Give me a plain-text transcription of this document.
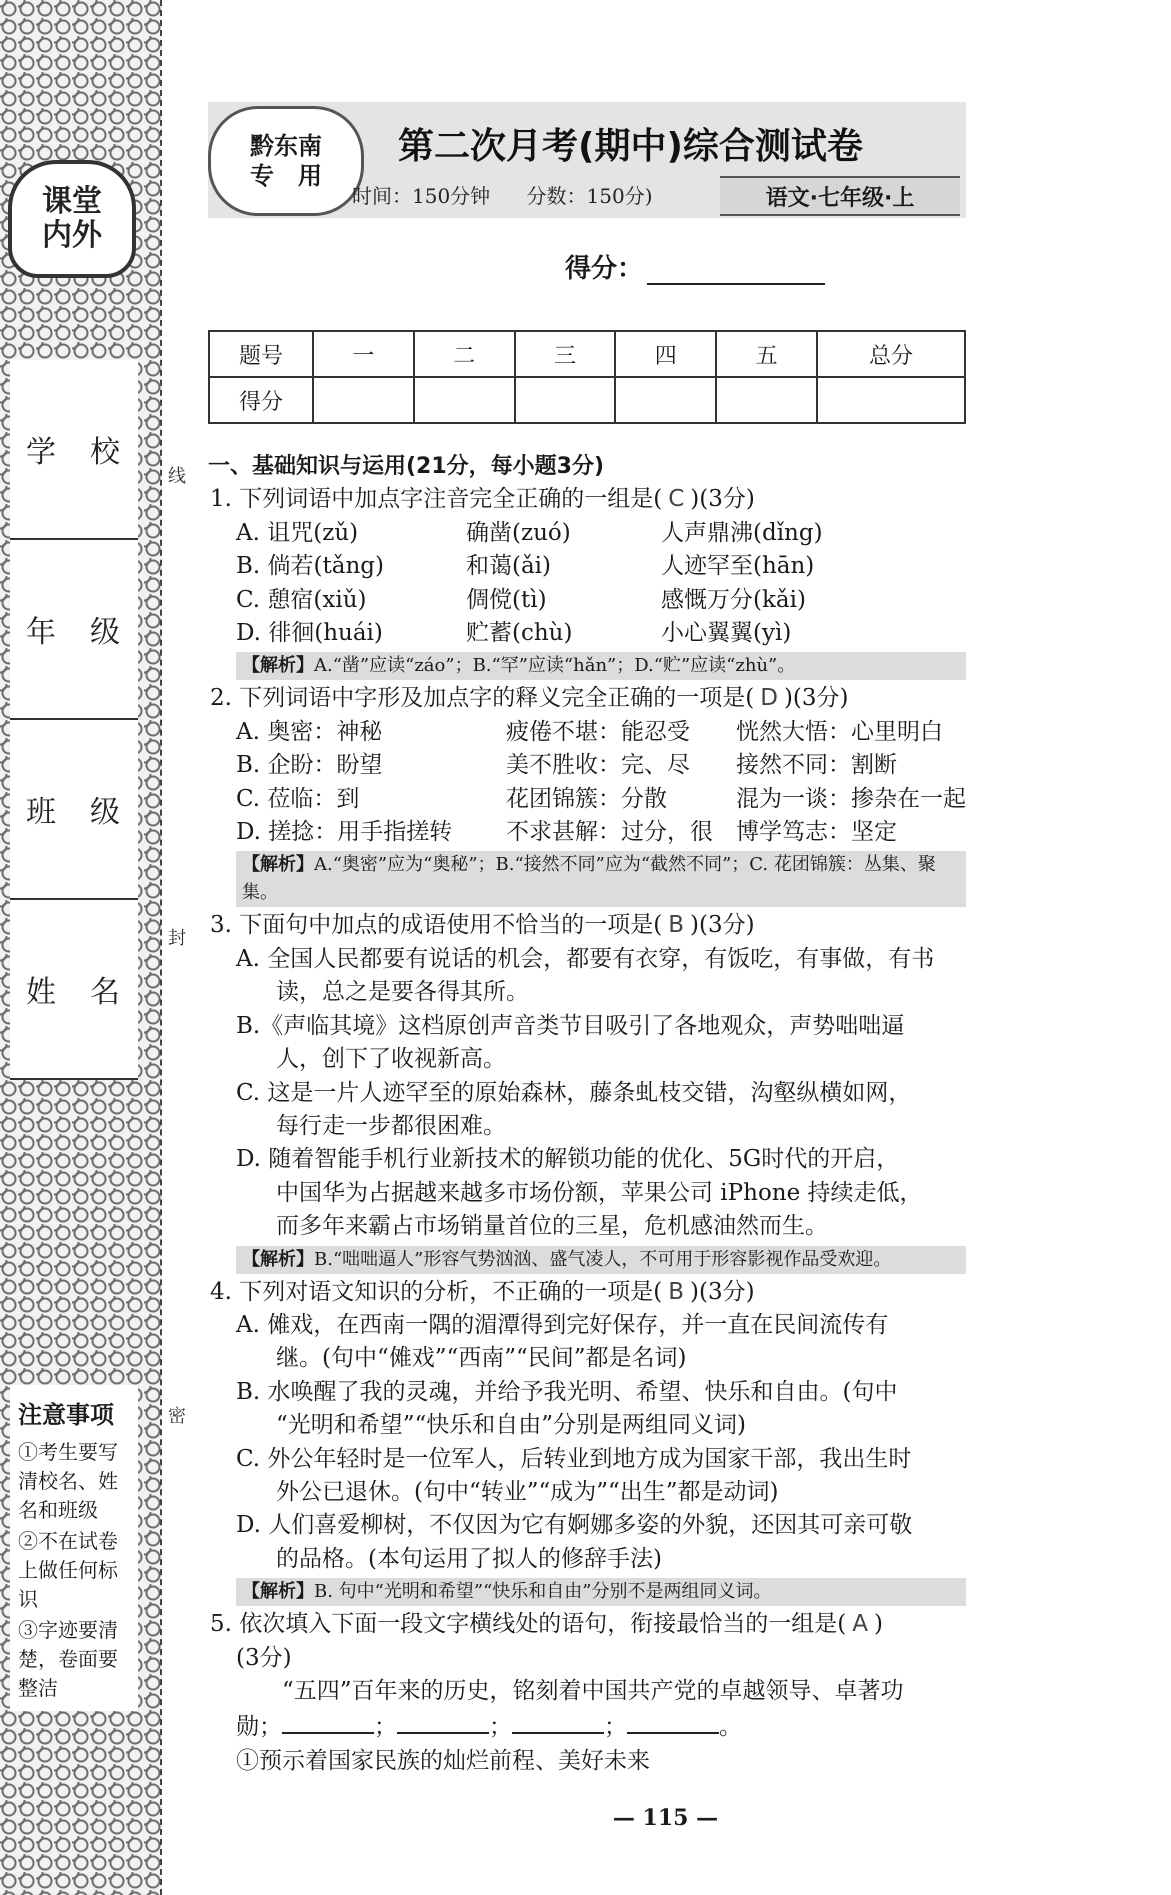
课堂
内外
学　校
年　级
班　级
姓　名
注意事项
①考生要写清校名、姓名和班级
②不在试卷上做任何标识
③字迹要清楚，卷面要整洁
线
封
密
黔东南
专　用
第二次月考(期中)综合测试卷
时间：150分钟 分数：150分)	语文·七年级·上
得分：
题号	一	二	三	四	五	总分
得分						
一、基础知识与运用(21分，每小题3分)
1. 下列词语中加点字注音完全正确的一组是( C )(3分)
A. 诅咒(zǔ)	确凿(zuó)	人声鼎沸(dǐng)
B. 倘若(tǎng)	和蔼(ǎi)	人迹罕至(hān)
C. 憩宿(xiǔ)	倜傥(tì)	感慨万分(kǎi)
D. 徘徊(huái)	贮蓄(chù)	小心翼翼(yì)
【解析】A.“凿”应读“záo”；B.“罕”应读“hǎn”；D.“贮”应读“zhù”。
2. 下列词语中字形及加点字的释义完全正确的一项是( D )(3分)
A. 奥密：神秘	疲倦不堪：能忍受	恍然大悟：心里明白
B. 企盼：盼望	美不胜收：完、尽	接然不同：割断
C. 莅临：到	花团锦簇：分散	混为一谈：掺杂在一起
D. 搓捻：用手指搓转	不求甚解：过分，很	博学笃志：坚定
【解析】A.“奥密”应为“奥秘”；B.“接然不同”应为“截然不同”；C. 花团锦簇：丛集、聚集。
3. 下面句中加点的成语使用不恰当的一项是( B )(3分)
A. 全国人民都要有说话的机会，都要有衣穿，有饭吃，有事做，有书
读，总之是要各得其所。
B.《声临其境》这档原创声音类节目吸引了各地观众，声势咄咄逼
人，创下了收视新高。
C. 这是一片人迹罕至的原始森林，藤条虬枝交错，沟壑纵横如网，
每行走一步都很困难。
D. 随着智能手机行业新技术的解锁功能的优化、5G时代的开启，
中国华为占据越来越多市场份额，苹果公司 iPhone 持续走低，
而多年来霸占市场销量首位的三星，危机感油然而生。
【解析】B.“咄咄逼人”形容气势汹汹、盛气凌人，不可用于形容影视作品受欢迎。
4. 下列对语文知识的分析，不正确的一项是( B )(3分)
A. 傩戏，在西南一隅的湄潭得到完好保存，并一直在民间流传有
继。(句中“傩戏”“西南”“民间”都是名词)
B. 水唤醒了我的灵魂，并给予我光明、希望、快乐和自由。(句中
“光明和希望”“快乐和自由”分别是两组同义词)
C. 外公年轻时是一位军人，后转业到地方成为国家干部，我出生时
外公已退休。(句中“转业”“成为”“出生”都是动词)
D. 人们喜爱柳树，不仅因为它有婀娜多姿的外貌，还因其可亲可敬
的品格。(本句运用了拟人的修辞手法)
【解析】B. 句中“光明和希望”“快乐和自由”分别不是两组同义词。
5. 依次填入下面一段文字横线处的语句，衔接最恰当的一组是( A )
(3分)
“五四”百年来的历史，铭刻着中国共产党的卓越领导、卓著功
勋；	；	；	；	。
①预示着国家民族的灿烂前程、美好未来
— 115 —
